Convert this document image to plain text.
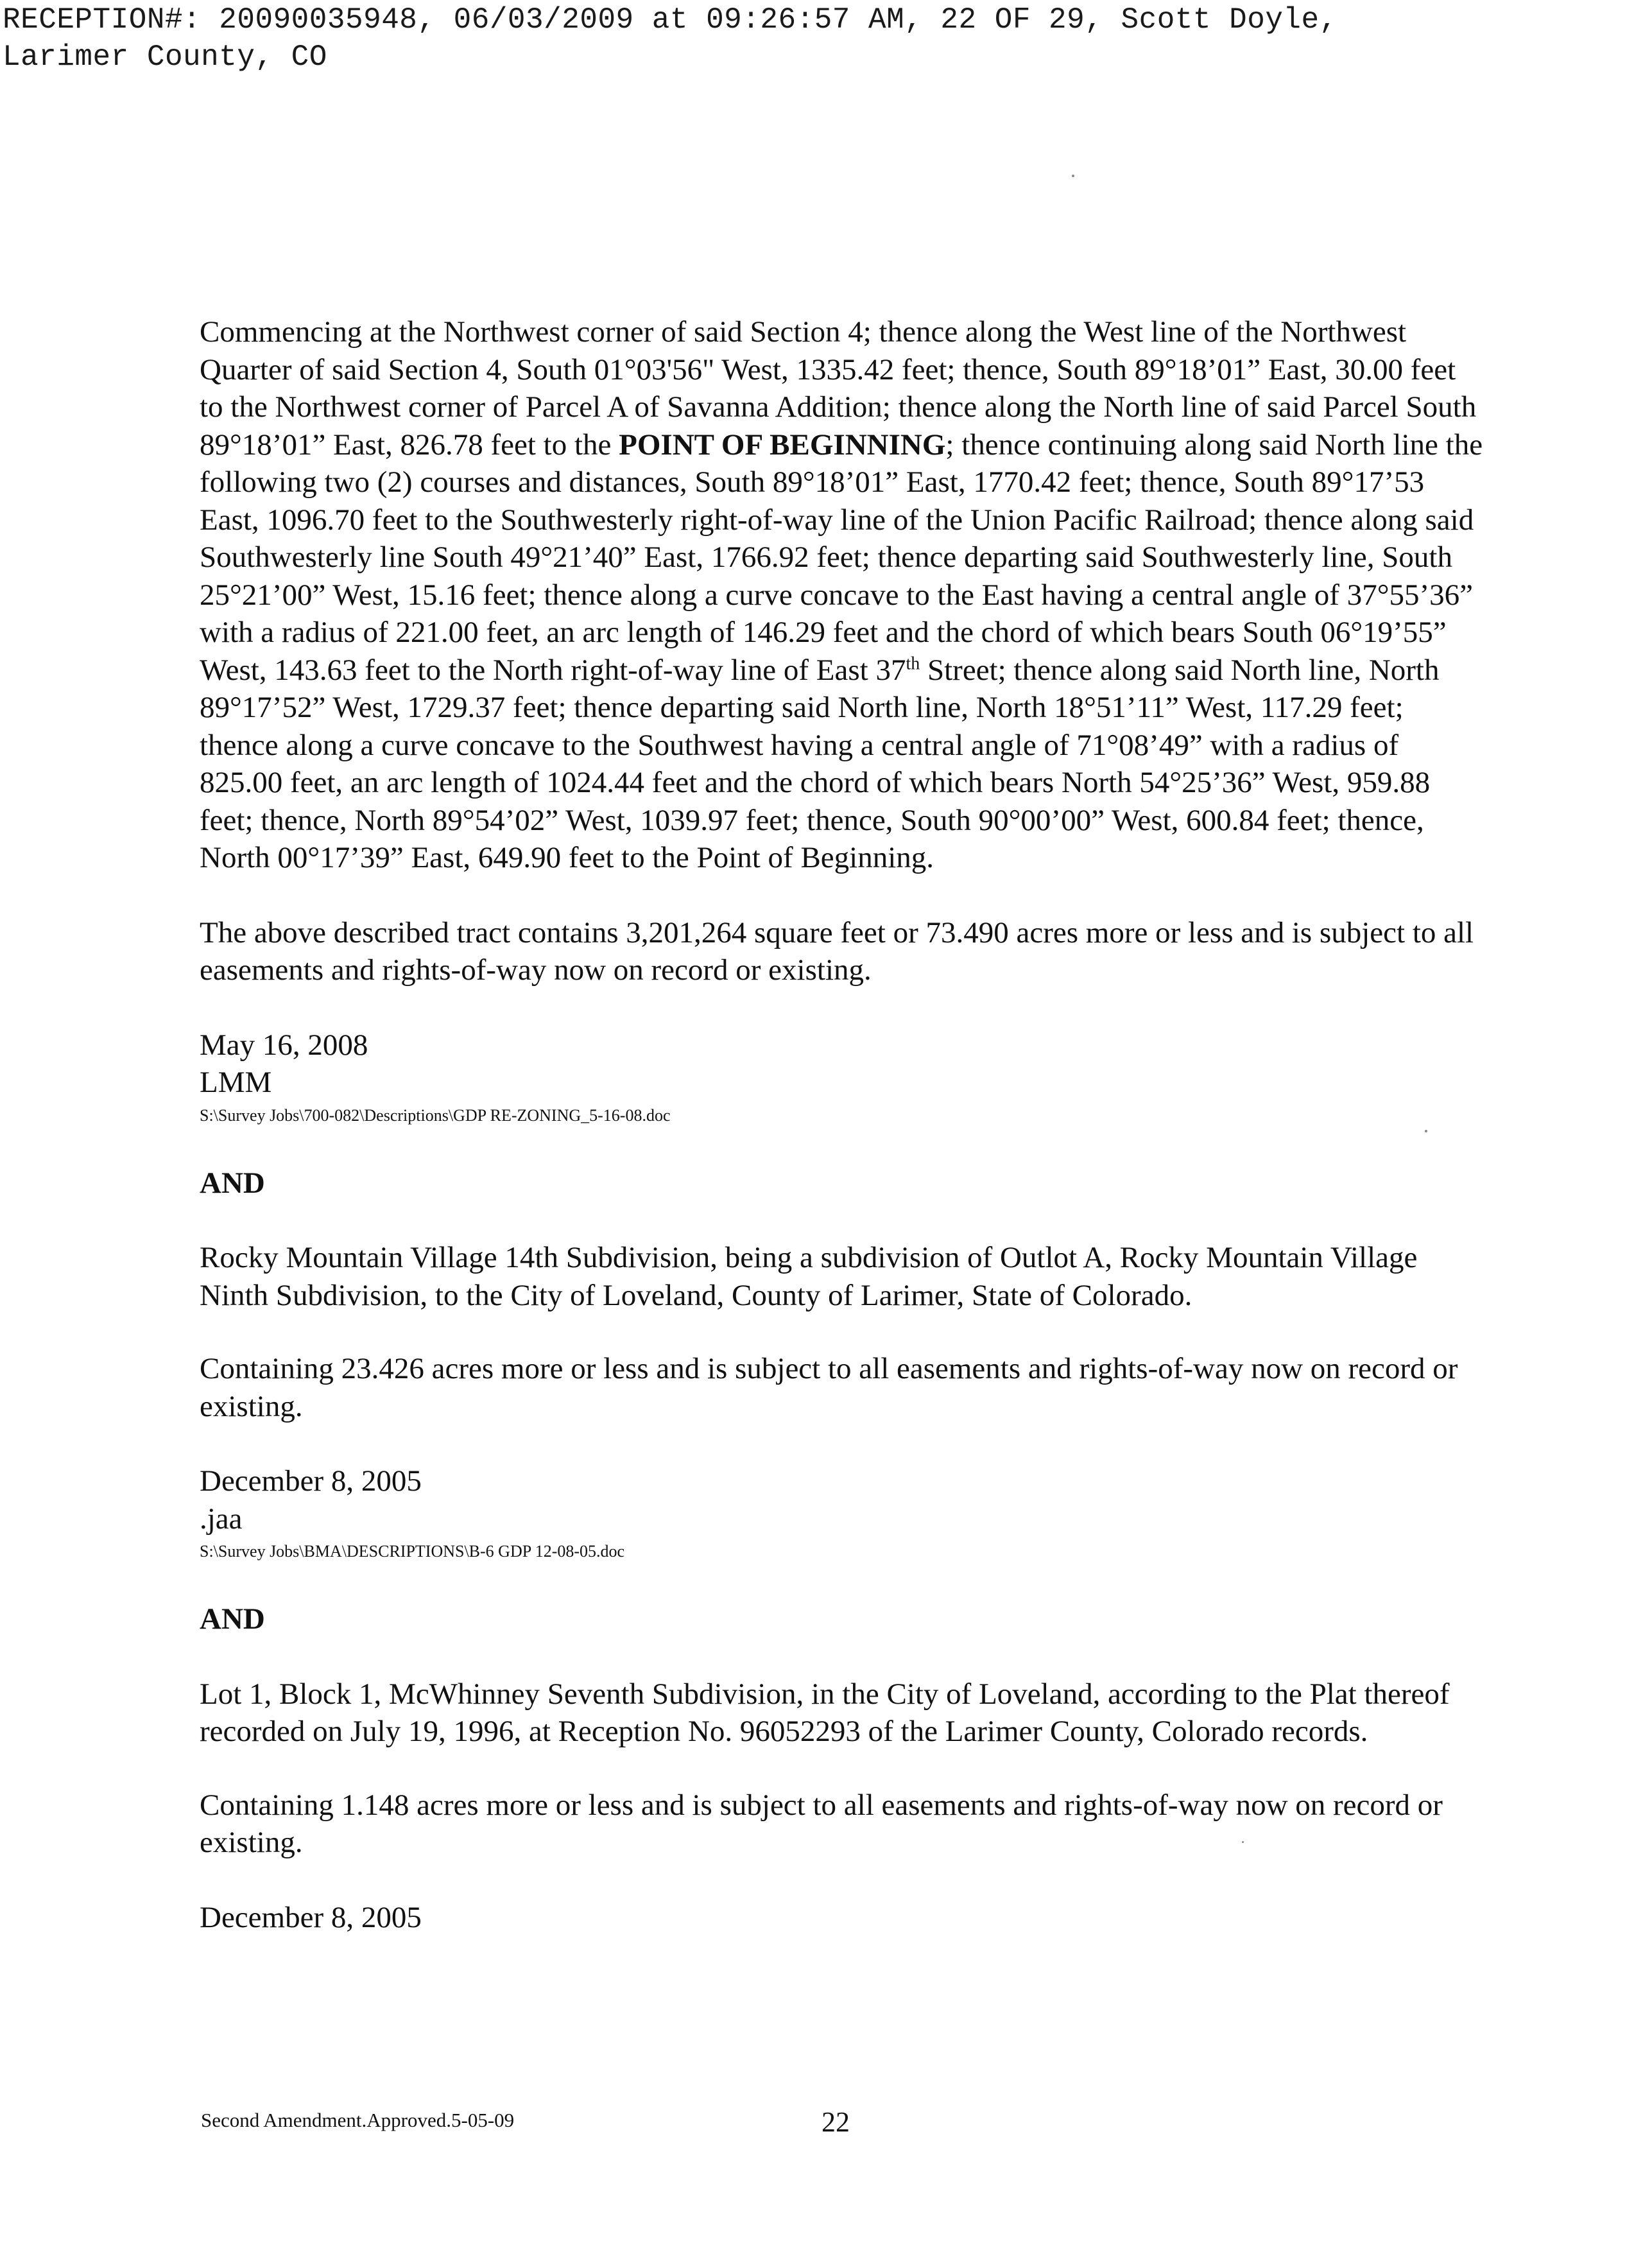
RECEPTION#: 20090035948, 06/03/2009 at 09:26:57 AM, 22 OF 29, Scott Doyle,
Larimer County, CO

Commencing at the Northwest corner of said Section 4; thence along the West line of the Northwest Quarter of said Section 4, South 01°03'56" West, 1335.42 feet; thence, South 89°18’01” East, 30.00 feet to the Northwest corner of Parcel A of Savanna Addition; thence along the North line of said Parcel South 89°18’01” East, 826.78 feet to the POINT OF BEGINNING; thence continuing along said North line the following two (2) courses and distances, South 89°18’01” East, 1770.42 feet; thence, South 89°17’53 East, 1096.70 feet to the Southwesterly right-of-way line of the Union Pacific Railroad; thence along said Southwesterly line South 49°21’40” East, 1766.92 feet; thence departing said Southwesterly line, South 25°21’00” West, 15.16 feet; thence along a curve concave to the East having a central angle of 37°55’36” with a radius of 221.00 feet, an arc length of 146.29 feet and the chord of which bears South 06°19’55” West, 143.63 feet to the North right-of-way line of East 37th Street; thence along said North line, North 89°17’52” West, 1729.37 feet; thence departing said North line, North 18°51’11” West, 117.29 feet; thence along a curve concave to the Southwest having a central angle of 71°08’49” with a radius of 825.00 feet, an arc length of 1024.44 feet and the chord of which bears North 54°25’36” West, 959.88 feet; thence, North 89°54’02” West, 1039.97 feet; thence, South 90°00’00” West, 600.84 feet; thence, North 00°17’39” East, 649.90 feet to the Point of Beginning.

The above described tract contains 3,201,264 square feet or 73.490 acres more or less and is subject to all easements and rights-of-way now on record or existing.

May 16, 2008

LMM

S:\Survey Jobs\700-082\Descriptions\GDP RE-ZONING_5-16-08.doc

AND

Rocky Mountain Village 14th Subdivision, being a subdivision of Outlot A, Rocky Mountain Village Ninth Subdivision, to the City of Loveland, County of Larimer, State of Colorado.

Containing 23.426 acres more or less and is subject to all easements and rights-of-way now on record or existing.

December 8, 2005

.jaa

S:\Survey Jobs\BMA\DESCRIPTIONS\B-6 GDP 12-08-05.doc

AND

Lot 1, Block 1, McWhinney Seventh Subdivision, in the City of Loveland, according to the Plat thereof recorded on July 19, 1996, at Reception No. 96052293 of the Larimer County, Colorado records.

Containing 1.148 acres more or less and is subject to all easements and rights-of-way now on record or existing.

December 8, 2005

Second Amendment.Approved.5-05-09	22
